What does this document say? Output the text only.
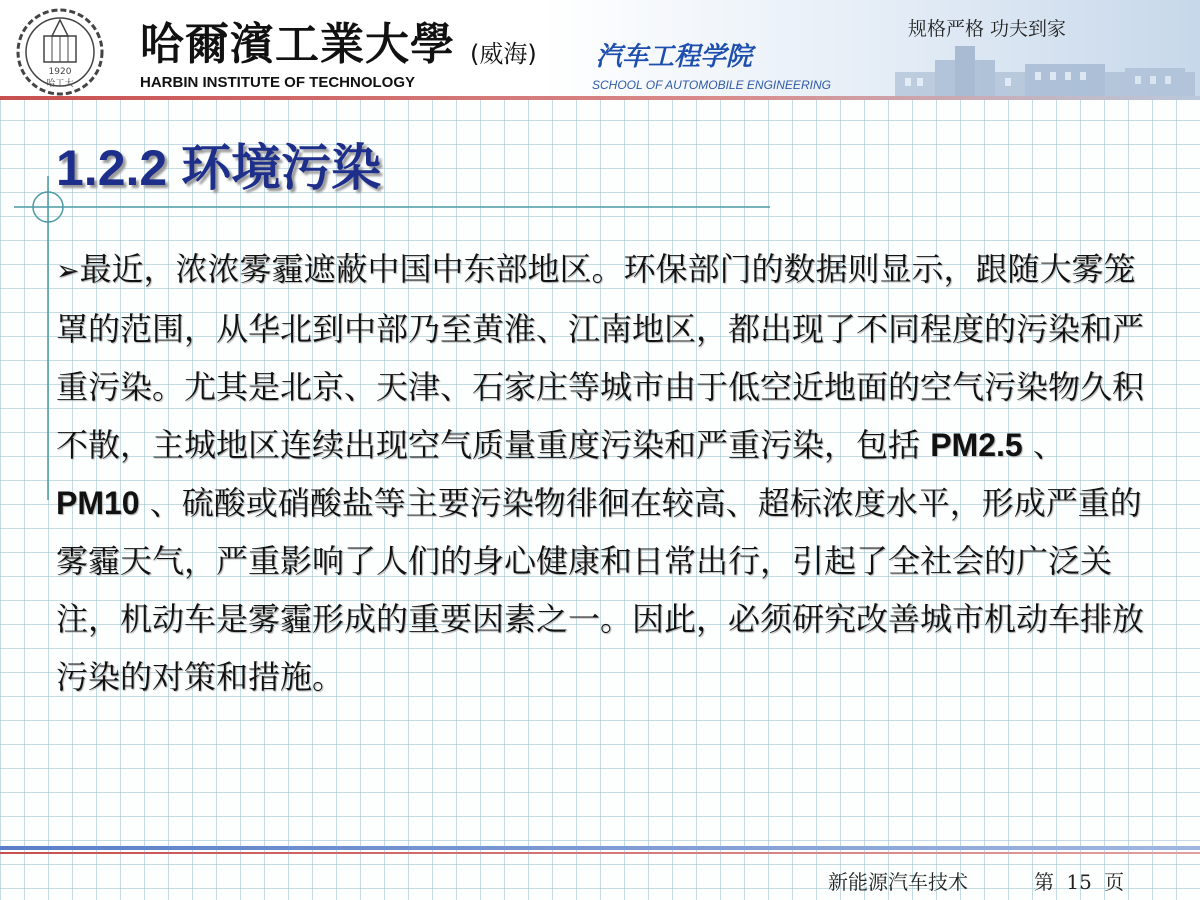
1920
哈工大
哈爾濱工業大學 (威海) 汽车工程学院
HARBIN INSTITUTE OF TECHNOLOGY	SCHOOL OF AUTOMOBILE ENGINEERING
规格严格 功夫到家
1.2.2 环境污染
➢最近，浓浓雾霾遮蔽中国中东部地区。环保部门的数据则显示，跟随大雾笼罩的范围，从华北到中部乃至黄淮、江南地区，都出现了不同程度的污染和严重污染。尤其是北京、天津、石家庄等城市由于低空近地面的空气污染物久积不散，主城地区连续出现空气质量重度污染和严重污染，包括 PM2.5 、 PM10 、硫酸或硝酸盐等主要污染物徘徊在较高、超标浓度水平，形成严重的雾霾天气，严重影响了人们的身心健康和日常出行，引起了全社会的广泛关注，机动车是雾霾形成的重要因素之一。因此，必须研究改善城市机动车排放污染的对策和措施。
新能源汽车技术	第 15 页
